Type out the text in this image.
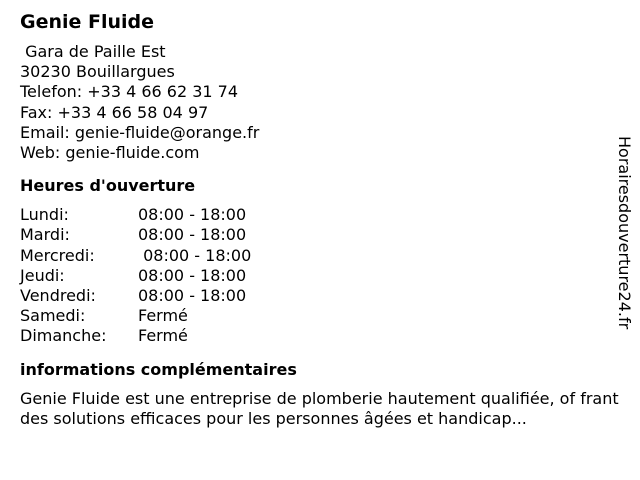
Genie Fluide
Gara de Paille Est
30230 Bouillargues
Telefon: +33 4 66 62 31 74
Fax: +33 4 66 58 04 97
Email: genie-fluide@orange.fr
Web: genie-fluide.com
Heures d'ouverture
Lundi:	08:00 - 18:00
Mardi:	08:00 - 18:00
Mercredi:	08:00 - 18:00
Jeudi:	08:00 - 18:00
Vendredi:	08:00 - 18:00
Samedi:	Fermé
Dimanche: Fermé
informations complémentaires
Genie Fluide est une entreprise de plomberie hautement qualifiée, of frant des solutions efficaces pour les personnes âgées et handicap...
Horairesdouverture24.fr
